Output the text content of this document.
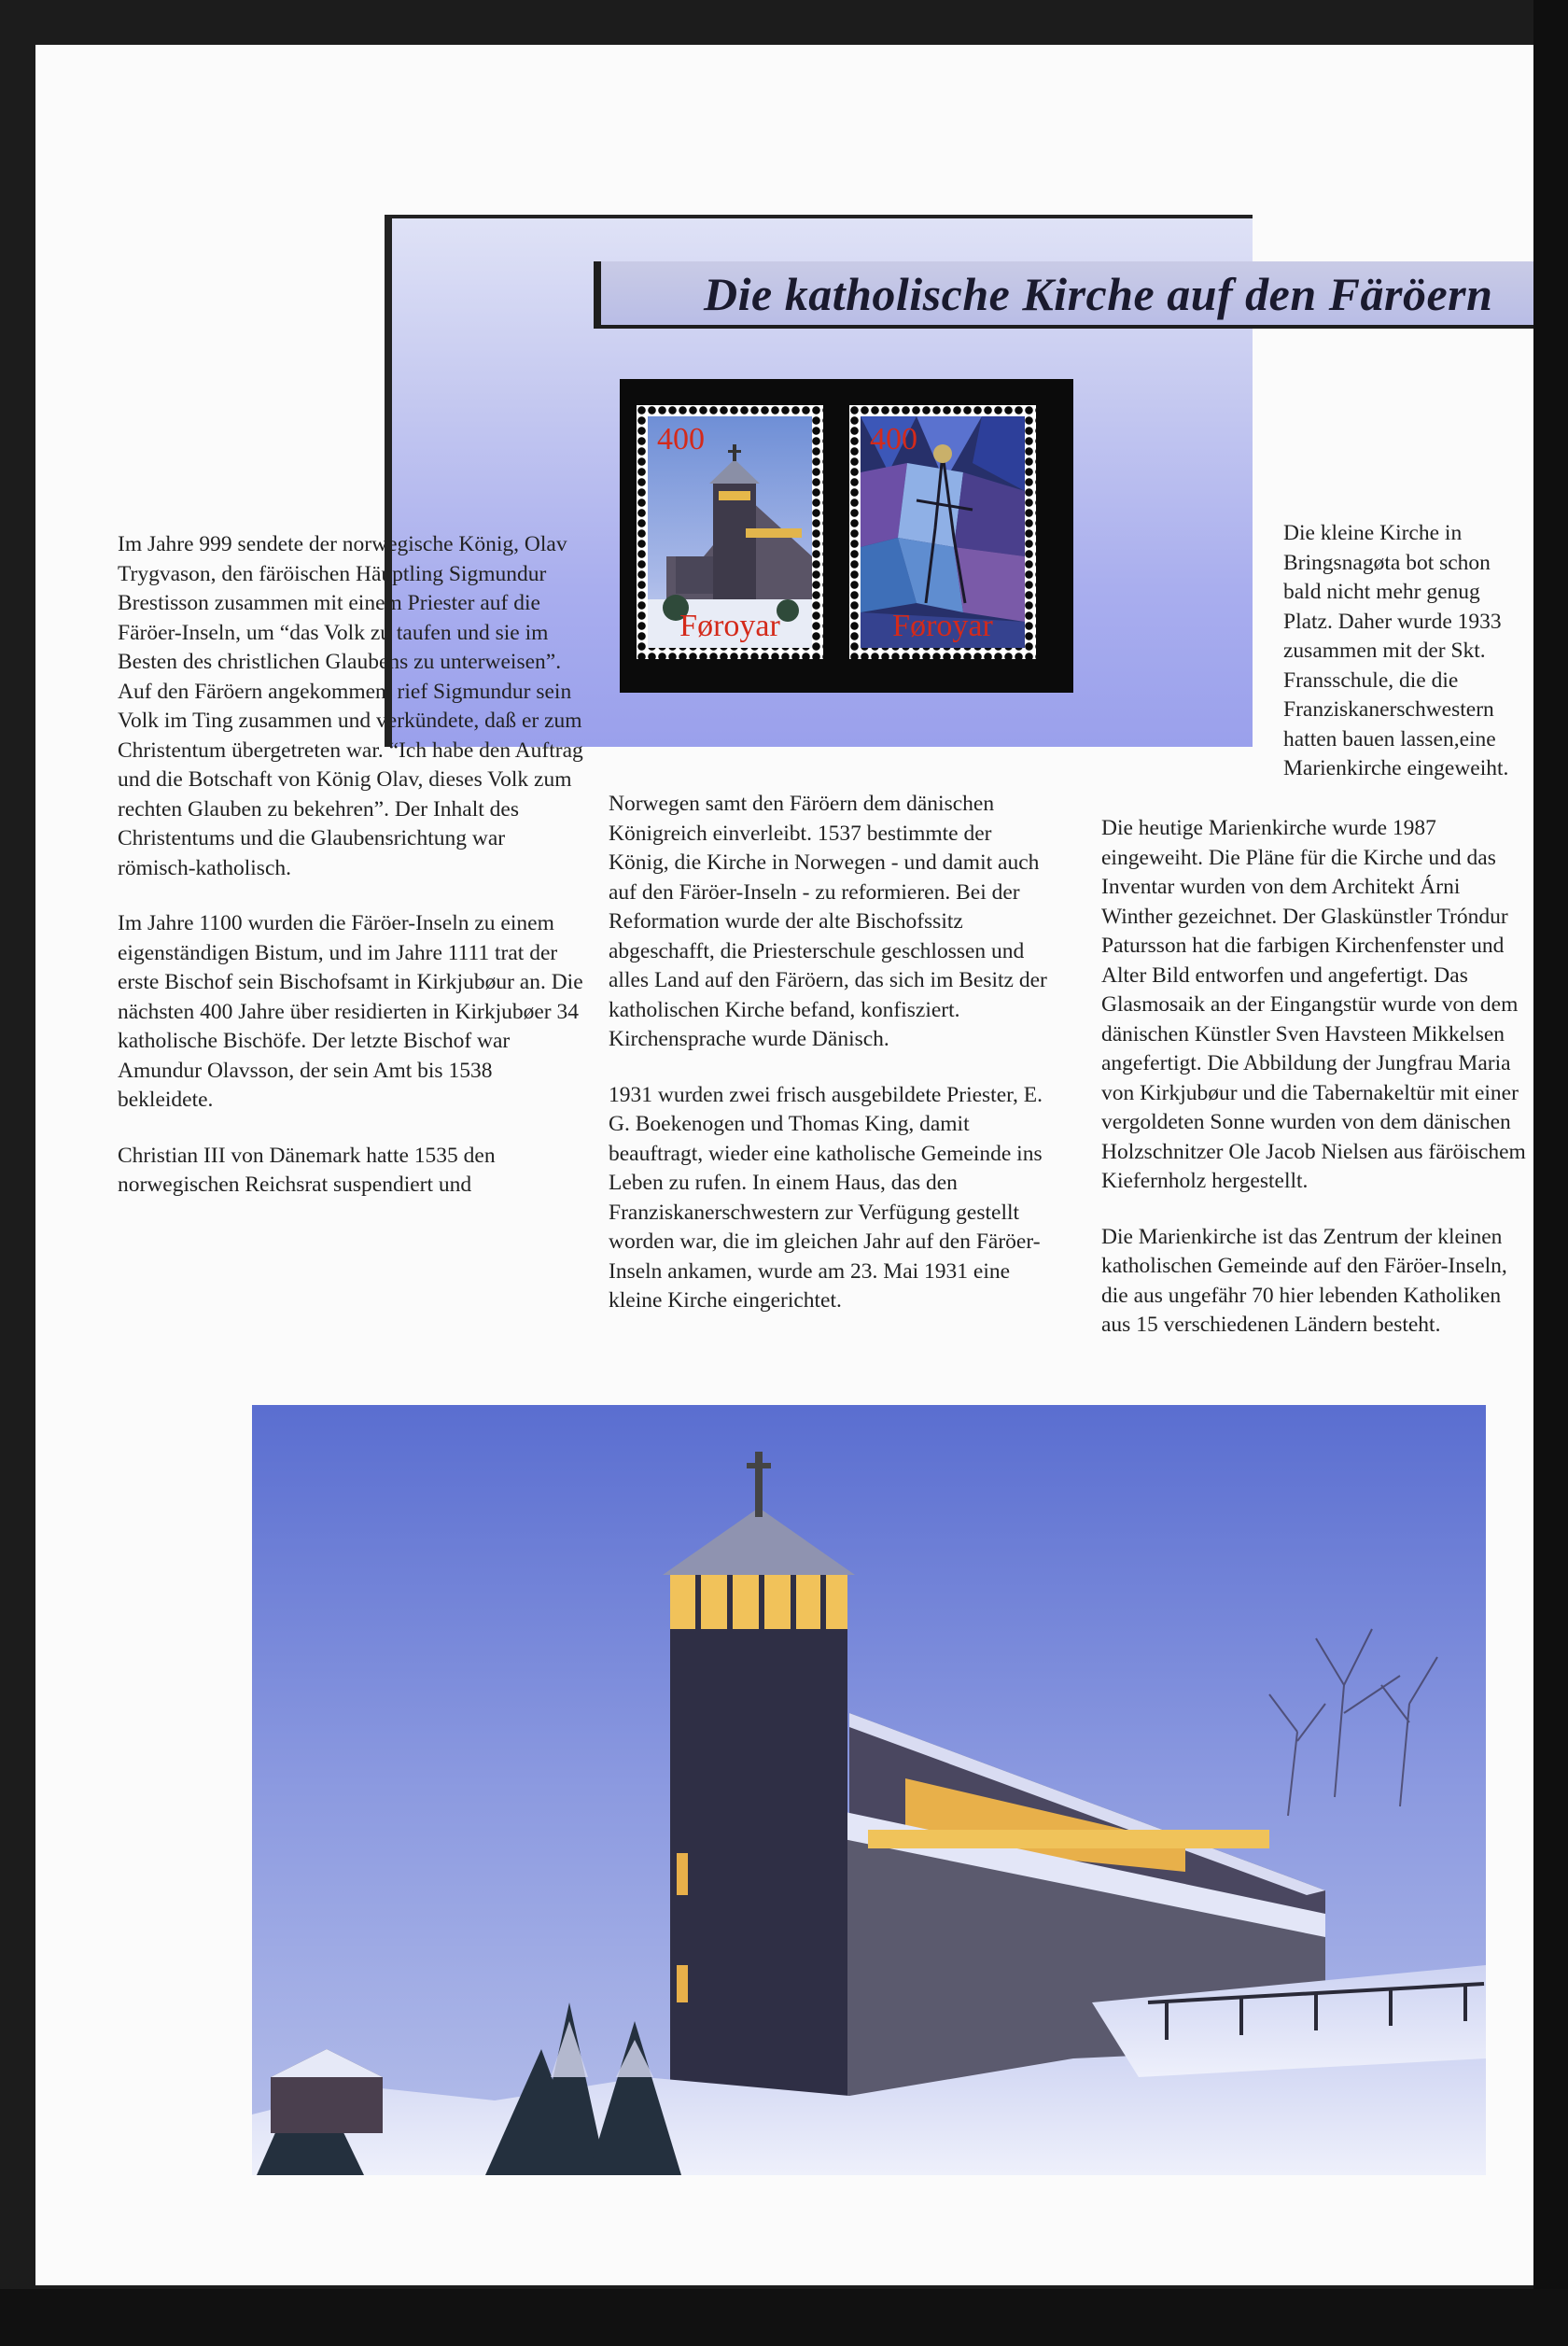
Die katholische Kirche auf den Färöern
400
Føroyar
400
Føroyar

Im Jahre 999 sendete der norwegische König, Olav Trygvason, den färöischen Häuptling Sigmundur Brestisson zusammen mit einem Priester auf die Färöer-Inseln, um “das Volk zu taufen und sie im Besten des christlichen Glaubens zu unterweisen”. Auf den Färöern angekommen, rief Sigmundur sein Volk im Ting zusammen und verkündete, daß er zum Christentum übergetreten war. “Ich habe den Auftrag und die Botschaft von König Olav, dieses Volk zum rechten Glauben zu bekehren”. Der Inhalt des Christentums und die Glaubensrichtung war römisch-katholisch.

Im Jahre 1100 wurden die Färöer-Inseln zu einem eigenständigen Bistum, und im Jahre 1111 trat der erste Bischof sein Bischofsamt in Kirkjubøur an. Die nächsten 400 Jahre über residierten in Kirkjubøer 34 katholische Bischöfe. Der letzte Bischof war Amundur Olavsson, der sein Amt bis 1538 bekleidete.

Christian III von Dänemark hatte 1535 den norwegischen Reichsrat suspendiert und

Norwegen samt den Färöern dem dänischen Königreich einverleibt. 1537 bestimmte der König, die Kirche in Norwegen - und damit auch auf den Färöer-Inseln - zu reformieren. Bei der Reformation wurde der alte Bischofssitz abgeschafft, die Priesterschule geschlossen und alles Land auf den Färöern, das sich im Besitz der katholischen Kirche befand, konfisziert. Kirchensprache wurde Dänisch.

1931 wurden zwei frisch ausgebildete Priester, E. G. Boekenogen und Thomas King, damit beauftragt, wieder eine katholische Gemeinde ins Leben zu rufen. In einem Haus, das den Franziskanerschwestern zur Verfügung gestellt worden war, die im gleichen Jahr auf den Färöer-Inseln ankamen, wurde am 23. Mai 1931 eine kleine Kirche eingerichtet.

Die kleine Kirche in Bringsnagøta bot schon bald nicht mehr genug Platz. Daher wurde 1933 zusammen mit der Skt. Fransschule, die die Franziskanerschwestern hatten bauen lassen,eine Marienkirche eingeweiht.

Die heutige Marienkirche wurde 1987 eingeweiht. Die Pläne für die Kirche und das Inventar wurden von dem Architekt Árni Winther gezeichnet. Der Glaskünstler Tróndur Patursson hat die farbigen Kirchenfenster und Alter Bild entworfen und angefertigt. Das Glasmosaik an der Eingangstür wurde von dem dänischen Künstler Sven Havsteen Mikkelsen angefertigt. Die Abbildung der Jungfrau Maria von Kirkjubøur und die Tabernakeltür mit einer vergoldeten Sonne wurden von dem dänischen Holzschnitzer Ole Jacob Nielsen aus färöischem Kiefernholz hergestellt.

Die Marienkirche ist das Zentrum der kleinen katholischen Gemeinde auf den Färöer-Inseln, die aus ungefähr 70 hier lebenden Katholiken aus 15 verschiedenen Ländern besteht.
